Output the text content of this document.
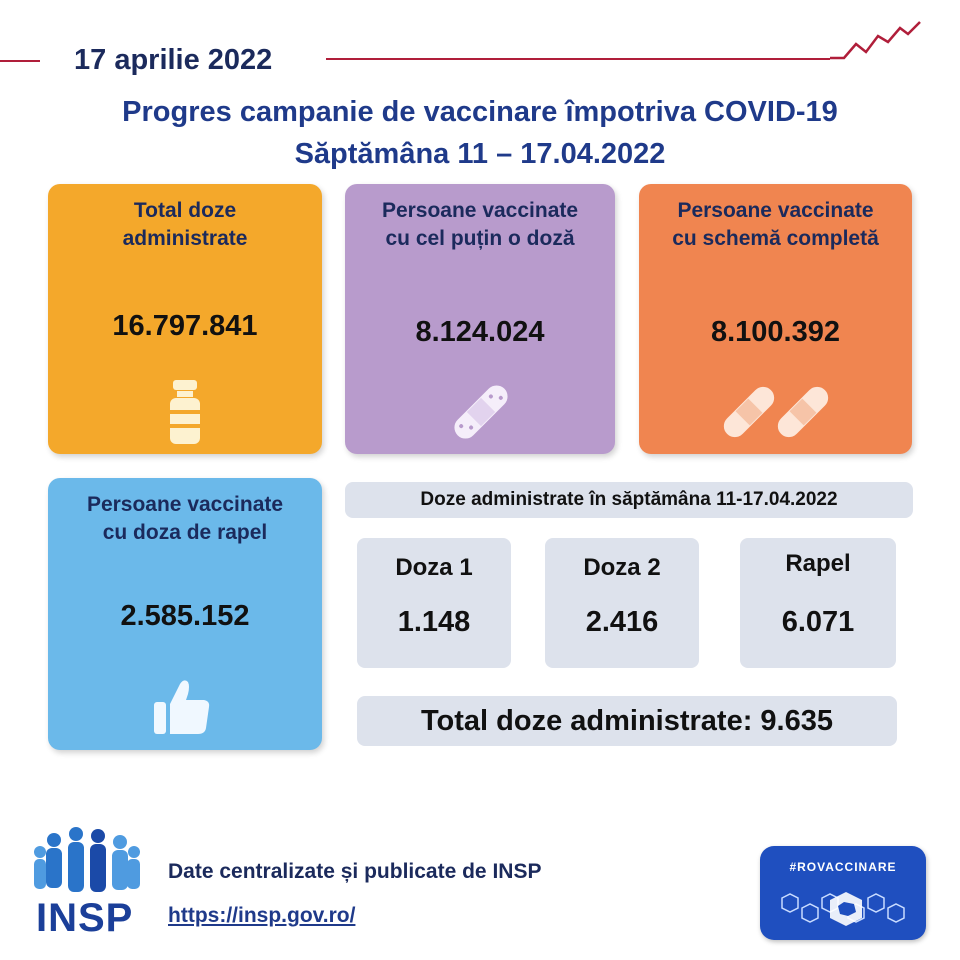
17 aprilie 2022
Progres campanie de vaccinare împotriva COVID-19
Săptămâna 11 – 17.04.2022
Total doze
administrate
16.797.841
Persoane vaccinate
cu cel puțin o doză
8.124.024
Persoane vaccinate
cu schemă completă
8.100.392
Persoane vaccinate
cu doza de rapel
2.585.152
Doze administrate în săptămâna 11-17.04.2022
Doza 1
1.148
Doza 2
2.416
Rapel
6.071
Total doze administrate: 9.635
INSP
Date centralizate și publicate de INSP
https://insp.gov.ro/
#ROVACCINARE
